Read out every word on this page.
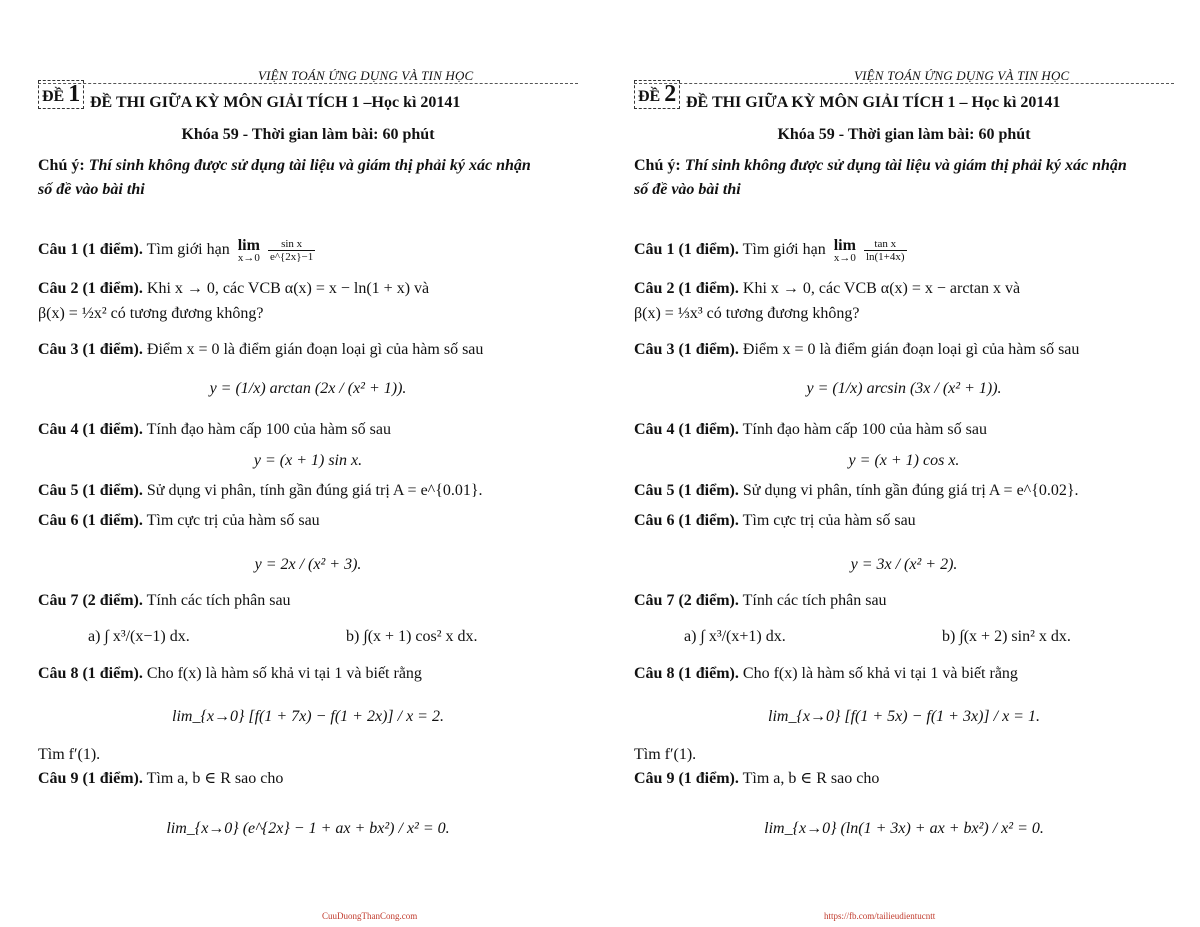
VIỆN TOÁN ỨNG DỤNG VÀ TIN HỌC
ĐỀ 1 ĐỀ THI GIỮA KỲ MÔN GIẢI TÍCH 1 –Học kì 20141
Khóa 59 - Thời gian làm bài: 60 phút
Chú ý: Thí sinh không được sử dụng tài liệu và giám thị phải ký xác nhận số đề vào bài thi
Câu 1 (1 điểm). Tìm giới hạn lim
x→0
$\frac{\text{sin x}}{e\^{}\{2x\}-1}$
Câu 2 (1 điểm). Khi x → 0, các VCB α(x) = x − ln(1 + x) và
β(x) = ½x² có tương đương không?
Câu 3 (1 điểm). Điểm x = 0 là điểm gián đoạn loại gì của hàm số sau
y = (1/x) arctan (2x / (x² + 1)).
Câu 4 (1 điểm). Tính đạo hàm cấp 100 của hàm số sau
y = (x + 1) sin x.
Câu 5 (1 điểm). Sử dụng vi phân, tính gần đúng giá trị A = e^{0.01}.
Câu 6 (1 điểm). Tìm cực trị của hàm số sau
y = 2x / (x² + 3).
Câu 7 (2 điểm). Tính các tích phân sau
a) ∫ x³/(x−1) dx.	b) ∫(x + 1) cos² x dx.
Câu 8 (1 điểm). Cho f(x) là hàm số khả vi tại 1 và biết rằng
lim_{x→0} [f(1 + 7x) − f(1 + 2x)] / x = 2.
Tìm f′(1).
Câu 9 (1 điểm). Tìm a, b ∈ R sao cho
lim_{x→0} (e^{2x} − 1 + ax + bx²) / x² = 0.
CuuDuongThanCong.com
VIỆN TOÁN ỨNG DỤNG VÀ TIN HỌC
ĐỀ 2 ĐỀ THI GIỮA KỲ MÔN GIẢI TÍCH 1 – Học kì 20141
Khóa 59 - Thời gian làm bài: 60 phút
Chú ý: Thí sinh không được sử dụng tài liệu và giám thị phải ký xác nhận số đề vào bài thi
Câu 1 (1 điểm). Tìm giới hạn lim
x→0
$\frac{\text{tan x}}{\ln(1+4x)}$
Câu 2 (1 điểm). Khi x → 0, các VCB α(x) = x − arctan x và
β(x) = ⅓x³ có tương đương không?
Câu 3 (1 điểm). Điểm x = 0 là điểm gián đoạn loại gì của hàm số sau
y = (1/x) arcsin (3x / (x² + 1)).
Câu 4 (1 điểm). Tính đạo hàm cấp 100 của hàm số sau
y = (x + 1) cos x.
Câu 5 (1 điểm). Sử dụng vi phân, tính gần đúng giá trị A = e^{0.02}.
Câu 6 (1 điểm). Tìm cực trị của hàm số sau
y = 3x / (x² + 2).
Câu 7 (2 điểm). Tính các tích phân sau
a) ∫ x³/(x+1) dx.	b) ∫(x + 2) sin² x dx.
Câu 8 (1 điểm). Cho f(x) là hàm số khả vi tại 1 và biết rằng
lim_{x→0} [f(1 + 5x) − f(1 + 3x)] / x = 1.
Tìm f′(1).
Câu 9 (1 điểm). Tìm a, b ∈ R sao cho
lim_{x→0} (ln(1 + 3x) + ax + bx²) / x² = 0.
https://fb.com/tailieudientucntt
